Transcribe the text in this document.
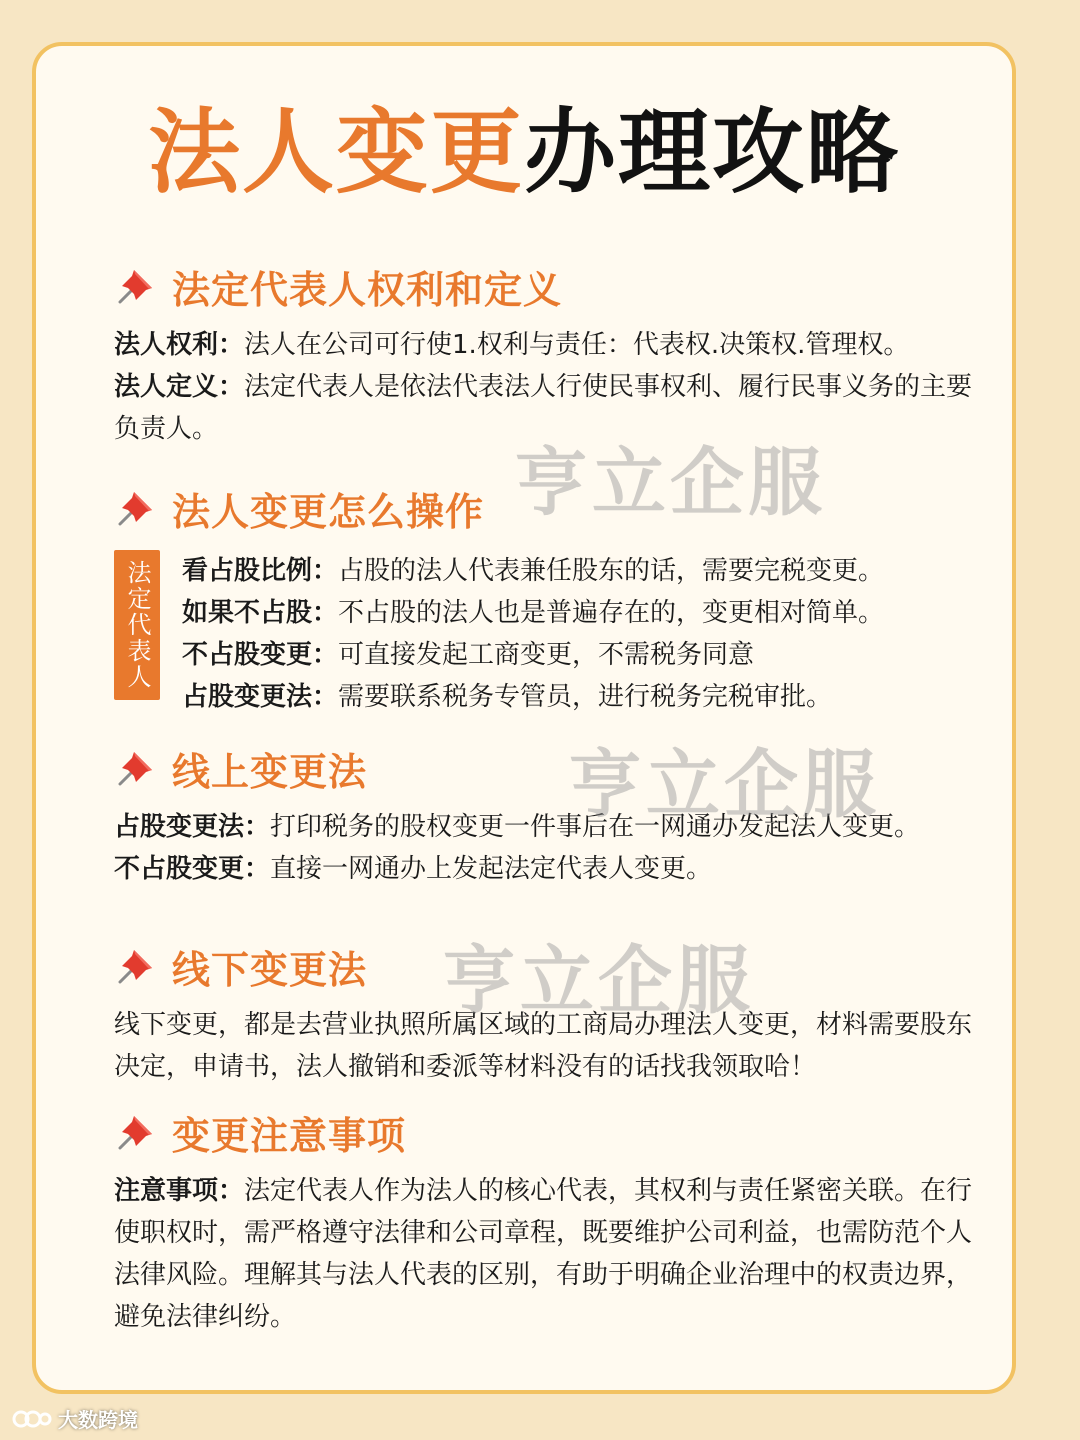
法人变更办理攻略
法定代表人权利和定义

法人权利：法人在公司可行使1.权利与责任：代表权.决策权.管理权。

法人定义：法定代表人是依法代表法人行使民事权利、履行民事义务的主要负责人。

法人变更怎么操作
法定代表人	看占股比例：占股的法人代表兼任股东的话，需要完税变更。

如果不占股：不占股的法人也是普遍存在的，变更相对简单。

不占股变更：可直接发起工商变更，不需税务同意

占股变更法：需要联系税务专管员，进行税务完税审批。

线上变更法

占股变更法：打印税务的股权变更一件事后在一网通办发起法人变更。

不占股变更：直接一网通办上发起法定代表人变更。

线下变更法

线下变更，都是去营业执照所属区域的工商局办理法人变更，材料需要股东决定，申请书，法人撤销和委派等材料没有的话找我领取哈！

变更注意事项

注意事项：法定代表人作为法人的核心代表，其权利与责任紧密关联。在行使职权时，需严格遵守法律和公司章程，既要维护公司利益，也需防范个人法律风险。理解其与法人代表的区别，有助于明确企业治理中的权责边界，避免法律纠纷。

亨立企服
亨立企服
亨立企服
大数跨境
